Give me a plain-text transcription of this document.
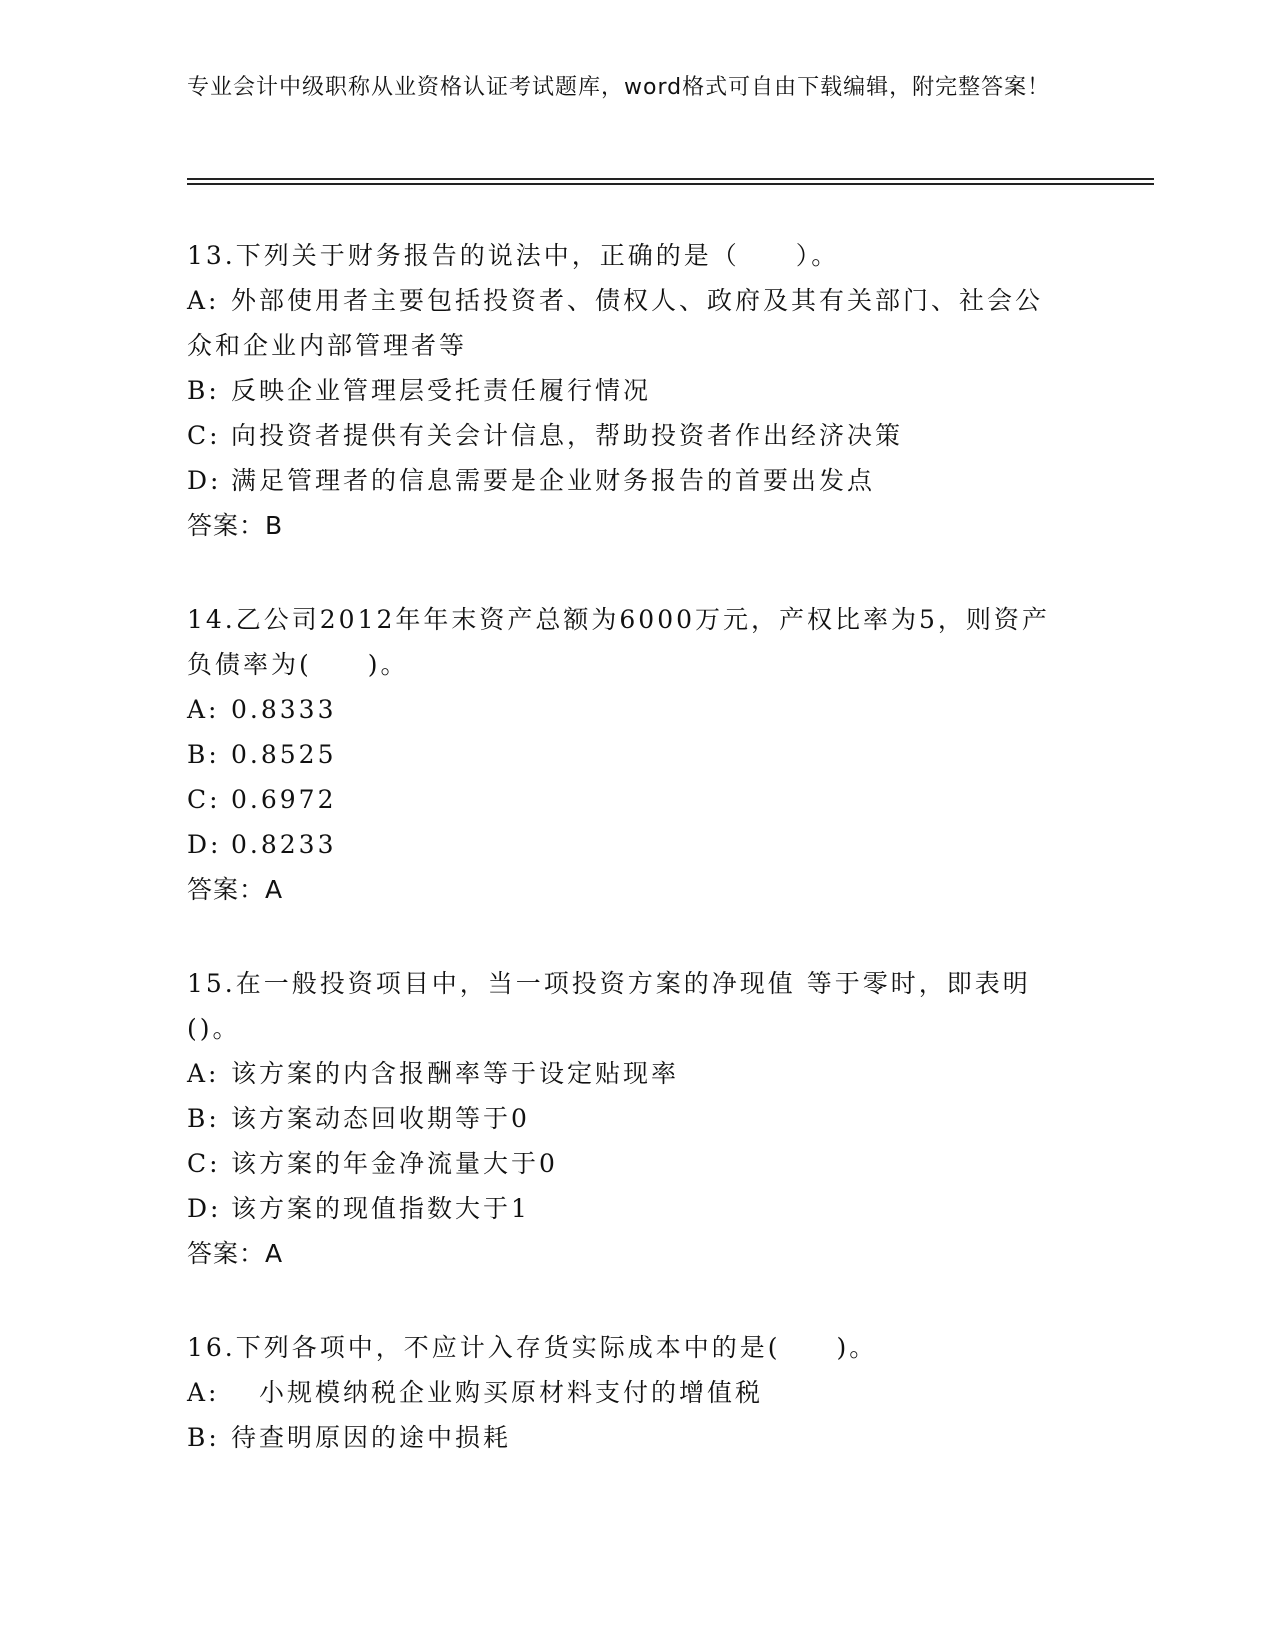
专业会计中级职称从业资格认证考试题库，word格式可自由下载编辑，附完整答案！

13.下列关于财务报告的说法中，正确的是（　　）。

A: 外部使用者主要包括投资者、债权人、政府及其有关部门、社会公众和企业内部管理者等

B: 反映企业管理层受托责任履行情况

C: 向投资者提供有关会计信息，帮助投资者作出经济决策

D: 满足管理者的信息需要是企业财务报告的首要出发点

答案：B

14.乙公司2012年年末资产总额为6000万元，产权比率为5，则资产负债率为(　　)。

A: 0.8333

B: 0.8525

C: 0.6972

D: 0.8233

答案：A

15.在一般投资项目中，当一项投资方案的净现值 等于零时，即表明()。

A: 该方案的内含报酬率等于设定贴现率

B: 该方案动态回收期等于0

C: 该方案的年金净流量大于0

D: 该方案的现值指数大于1

答案：A

16.下列各项中，不应计入存货实际成本中的是(　　)。

A:　小规模纳税企业购买原材料支付的增值税

B: 待查明原因的途中损耗
